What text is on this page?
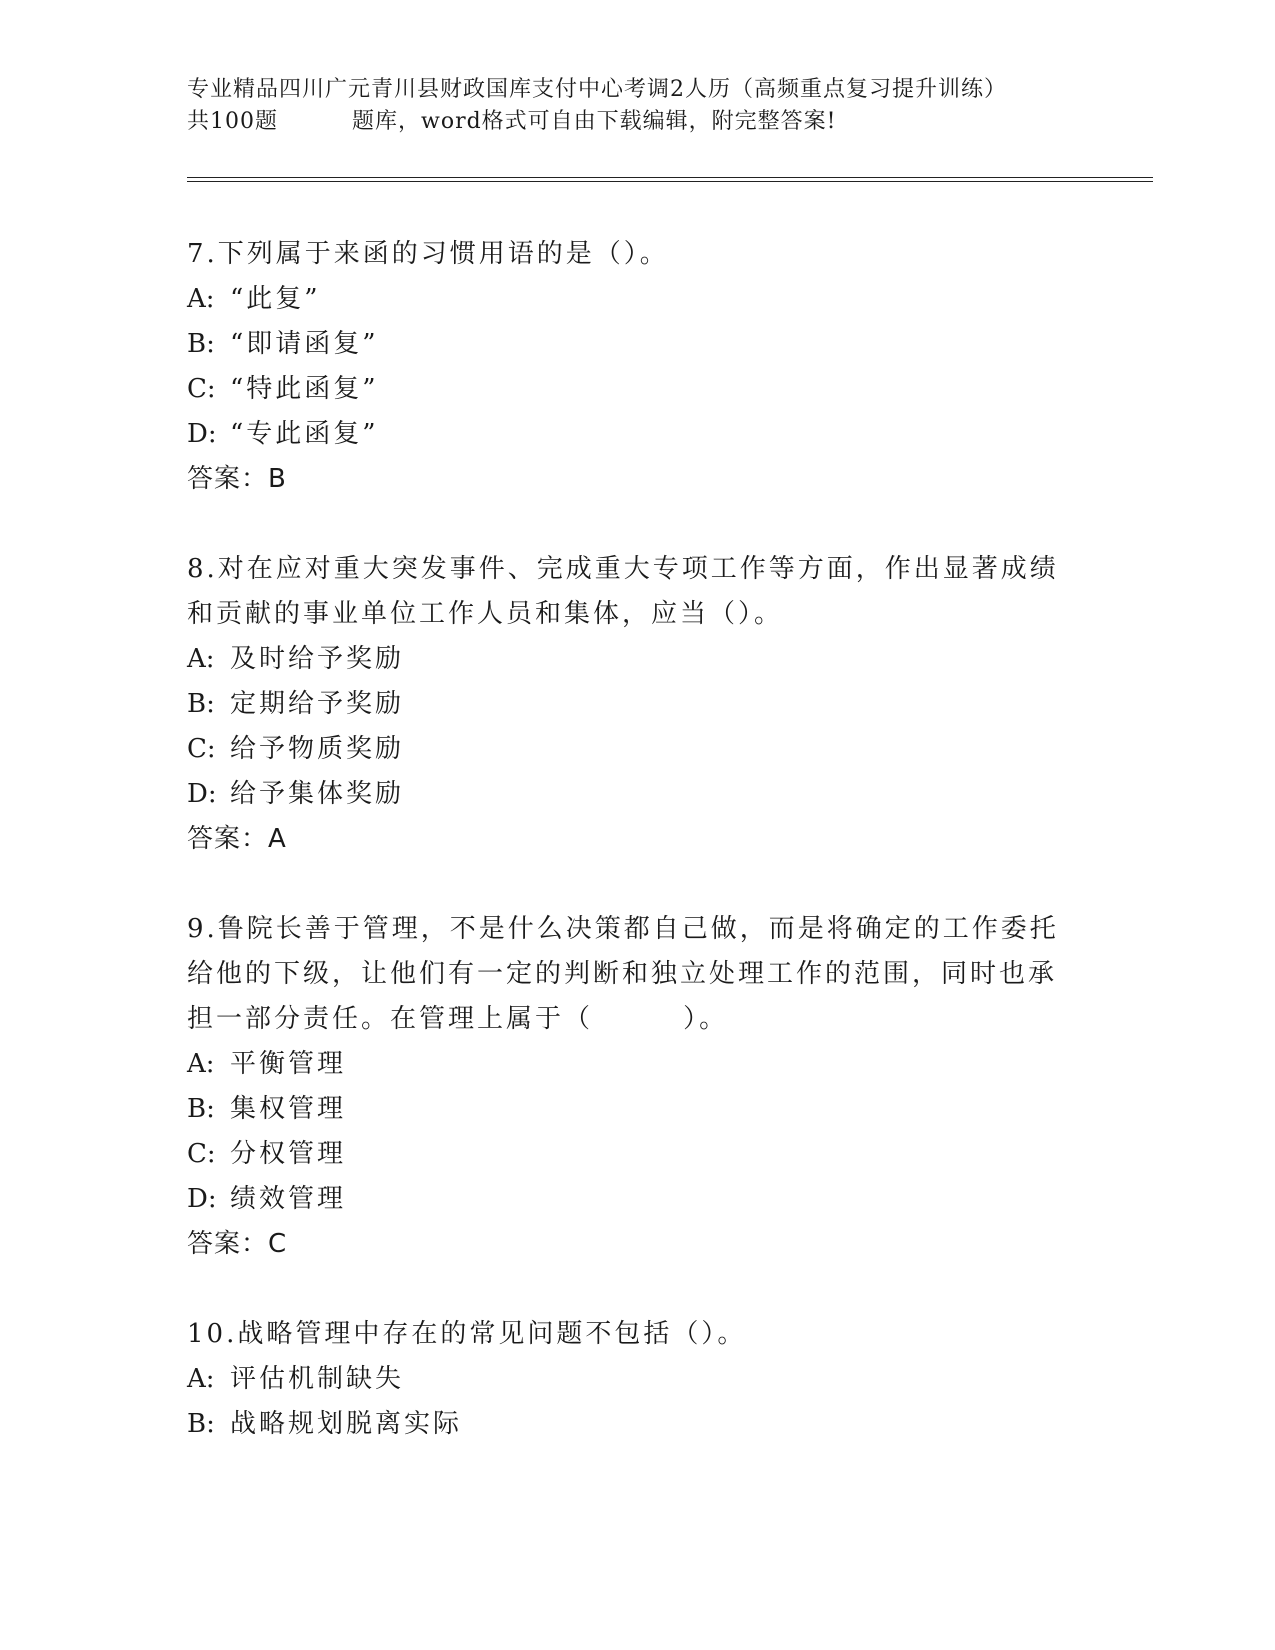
专业精品四川广元青川县财政国库支付中心考调2人历（高频重点复习提升训练）
共100题	题库，word格式可自由下载编辑，附完整答案!

7.下列属于来函的习惯用语的是（）。

A: “此复”

B: “即请函复”

C: “特此函复”

D: “专此函复”

答案：B

8.对在应对重大突发事件、完成重大专项工作等方面，作出显著成绩

和贡献的事业单位工作人员和集体，应当（）。

A: 及时给予奖励

B: 定期给予奖励

C: 给予物质奖励

D: 给予集体奖励

答案：A

9.鲁院长善于管理，不是什么决策都自己做，而是将确定的工作委托

给他的下级，让他们有一定的判断和独立处理工作的范围，同时也承

担一部分责任。在管理上属于（        ）。

A: 平衡管理

B: 集权管理

C: 分权管理

D: 绩效管理

答案：C

10.战略管理中存在的常见问题不包括（）。

A: 评估机制缺失

B: 战略规划脱离实际
